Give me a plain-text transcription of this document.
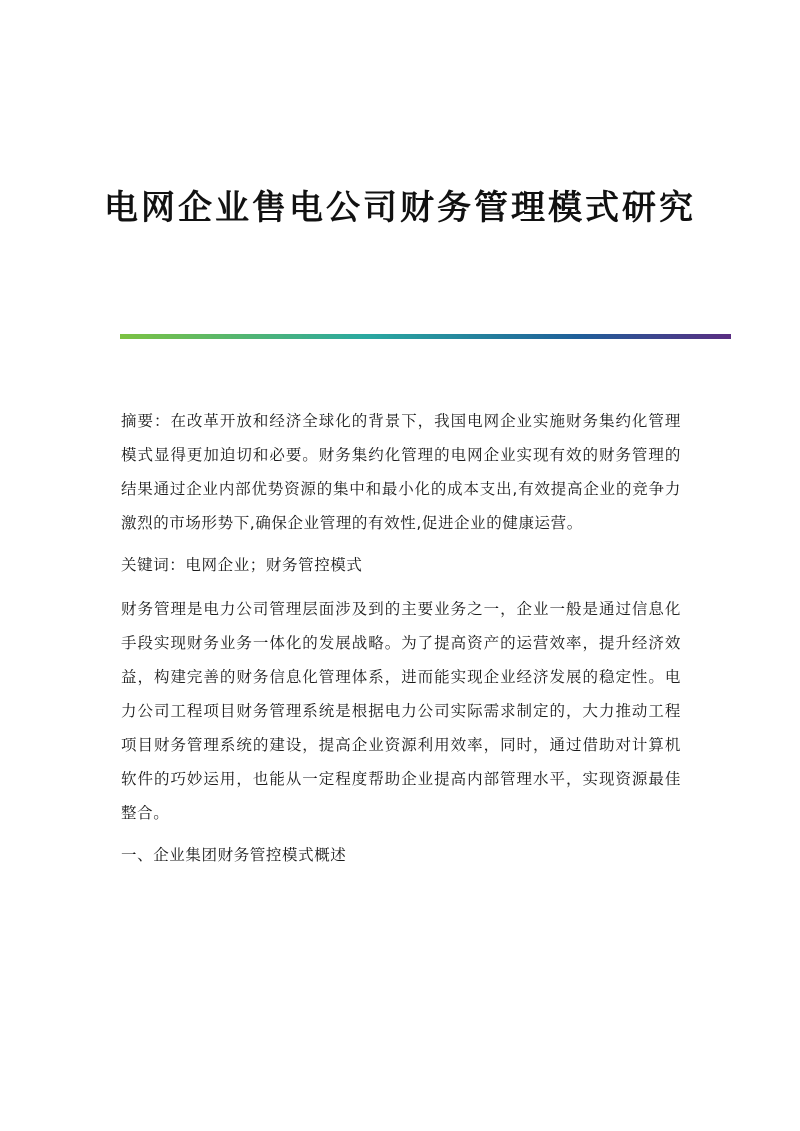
电网企业售电公司财务管理模式研究

摘要：在改革开放和经济全球化的背景下，我国电网企业实施财务集约化管理模式显得更加迫切和必要。财务集约化管理的电网企业实现有效的财务管理的结果通过企业内部优势资源的集中和最小化的成本支出,有效提高企业的竞争力激烈的市场形势下,确保企业管理的有效性,促进企业的健康运营。

关键词：电网企业；财务管控模式

财务管理是电力公司管理层面涉及到的主要业务之一，企业一般是通过信息化手段实现财务业务一体化的发展战略。为了提高资产的运营效率，提升经济效益，构建完善的财务信息化管理体系，进而能实现企业经济发展的稳定性。电力公司工程项目财务管理系统是根据电力公司实际需求制定的，大力推动工程项目财务管理系统的建设，提高企业资源利用效率，同时，通过借助对计算机软件的巧妙运用，也能从一定程度帮助企业提高内部管理水平，实现资源最佳整合。

一、企业集团财务管控模式概述
